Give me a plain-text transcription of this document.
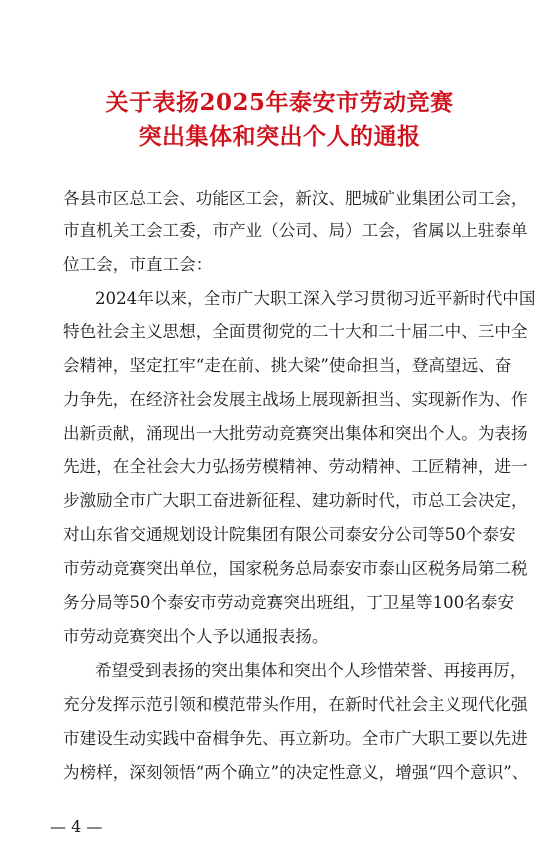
关于表扬2025年泰安市劳动竞赛
突出集体和突出个人的通报
各县市区总工会、功能区工会，新汶、肥城矿业集团公司工会，
市直机关工会工委，市产业（公司、局）工会，省属以上驻泰单
位工会，市直工会：
2024年以来，全市广大职工深入学习贯彻习近平新时代中国
特色社会主义思想，全面贯彻党的二十大和二十届二中、三中全
会精神，坚定扛牢“走在前、挑大梁”使命担当，登高望远、奋
力争先，在经济社会发展主战场上展现新担当、实现新作为、作
出新贡献，涌现出一大批劳动竞赛突出集体和突出个人。为表扬
先进，在全社会大力弘扬劳模精神、劳动精神、工匠精神，进一
步激励全市广大职工奋进新征程、建功新时代，市总工会决定，
对山东省交通规划设计院集团有限公司泰安分公司等50个泰安
市劳动竞赛突出单位，国家税务总局泰安市泰山区税务局第二税
务分局等50个泰安市劳动竞赛突出班组，丁卫星等100名泰安
市劳动竞赛突出个人予以通报表扬。
希望受到表扬的突出集体和突出个人珍惜荣誉、再接再厉，
充分发挥示范引领和模范带头作用，在新时代社会主义现代化强
市建设生动实践中奋楫争先、再立新功。全市广大职工要以先进
为榜样，深刻领悟“两个确立”的决定性意义，增强“四个意识”、
— 4 —
